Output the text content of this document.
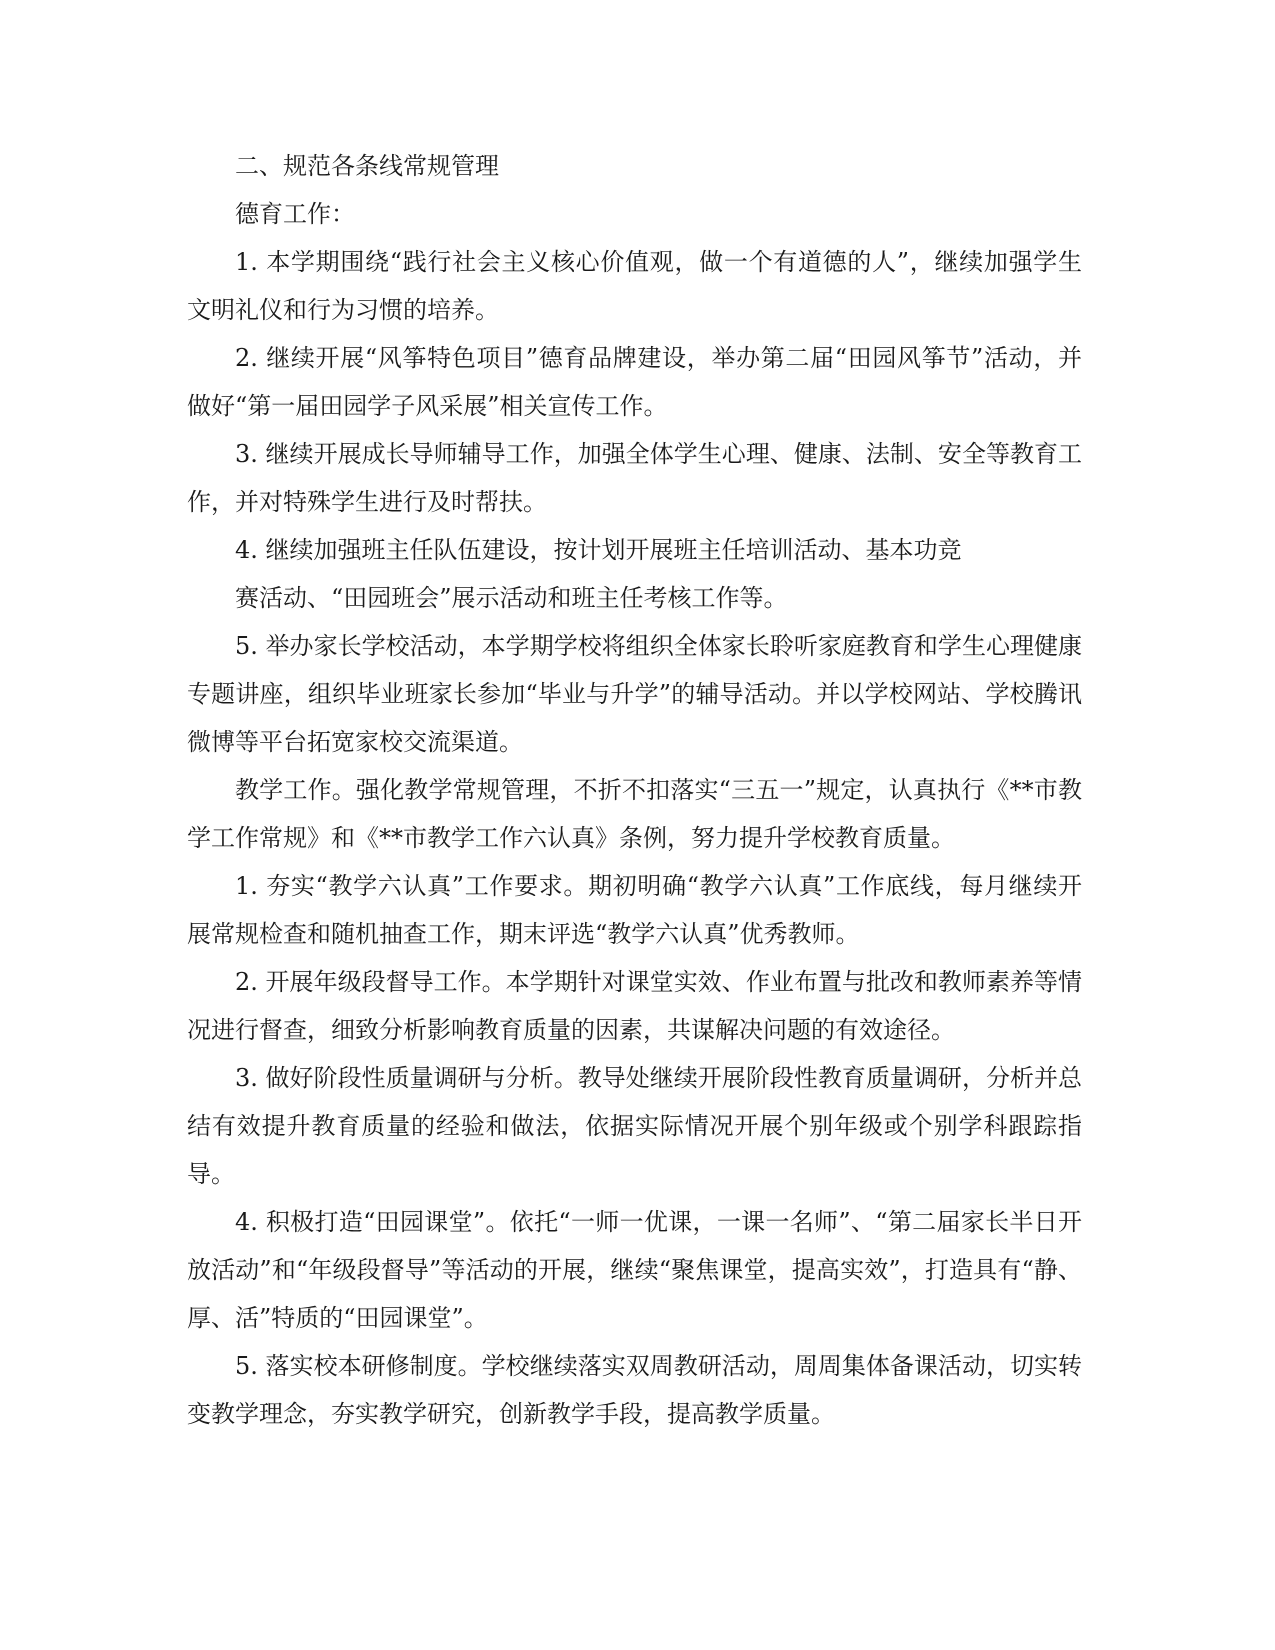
二、规范各条线常规管理

德育工作：

1. 本学期围绕“践行社会主义核心价值观，做一个有道德的人”，继续加强学生文明礼仪和行为习惯的培养。

2. 继续开展“风筝特色项目”德育品牌建设，举办第二届“田园风筝节”活动，并做好“第一届田园学子风采展”相关宣传工作。

3. 继续开展成长导师辅导工作，加强全体学生心理、健康、法制、安全等教育工作，并对特殊学生进行及时帮扶。

4. 继续加强班主任队伍建设，按计划开展班主任培训活动、基本功竞

赛活动、“田园班会”展示活动和班主任考核工作等。

5. 举办家长学校活动，本学期学校将组织全体家长聆听家庭教育和学生心理健康专题讲座，组织毕业班家长参加“毕业与升学”的辅导活动。并以学校网站、学校腾讯微博等平台拓宽家校交流渠道。

教学工作。强化教学常规管理，不折不扣落实“三五一”规定，认真执行《**市教学工作常规》和《**市教学工作六认真》条例，努力提升学校教育质量。

1. 夯实“教学六认真”工作要求。期初明确“教学六认真”工作底线，每月继续开展常规检查和随机抽查工作，期末评选“教学六认真”优秀教师。

2. 开展年级段督导工作。本学期针对课堂实效、作业布置与批改和教师素养等情况进行督查，细致分析影响教育质量的因素，共谋解决问题的有效途径。

3. 做好阶段性质量调研与分析。教导处继续开展阶段性教育质量调研，分析并总结有效提升教育质量的经验和做法，依据实际情况开展个别年级或个别学科跟踪指导。

4. 积极打造“田园课堂”。依托“一师一优课，一课一名师”、“第二届家长半日开放活动”和“年级段督导”等活动的开展，继续“聚焦课堂，提高实效”，打造具有“静、厚、活”特质的“田园课堂”。

5. 落实校本研修制度。学校继续落实双周教研活动，周周集体备课活动，切实转变教学理念，夯实教学研究，创新教学手段，提高教学质量。
